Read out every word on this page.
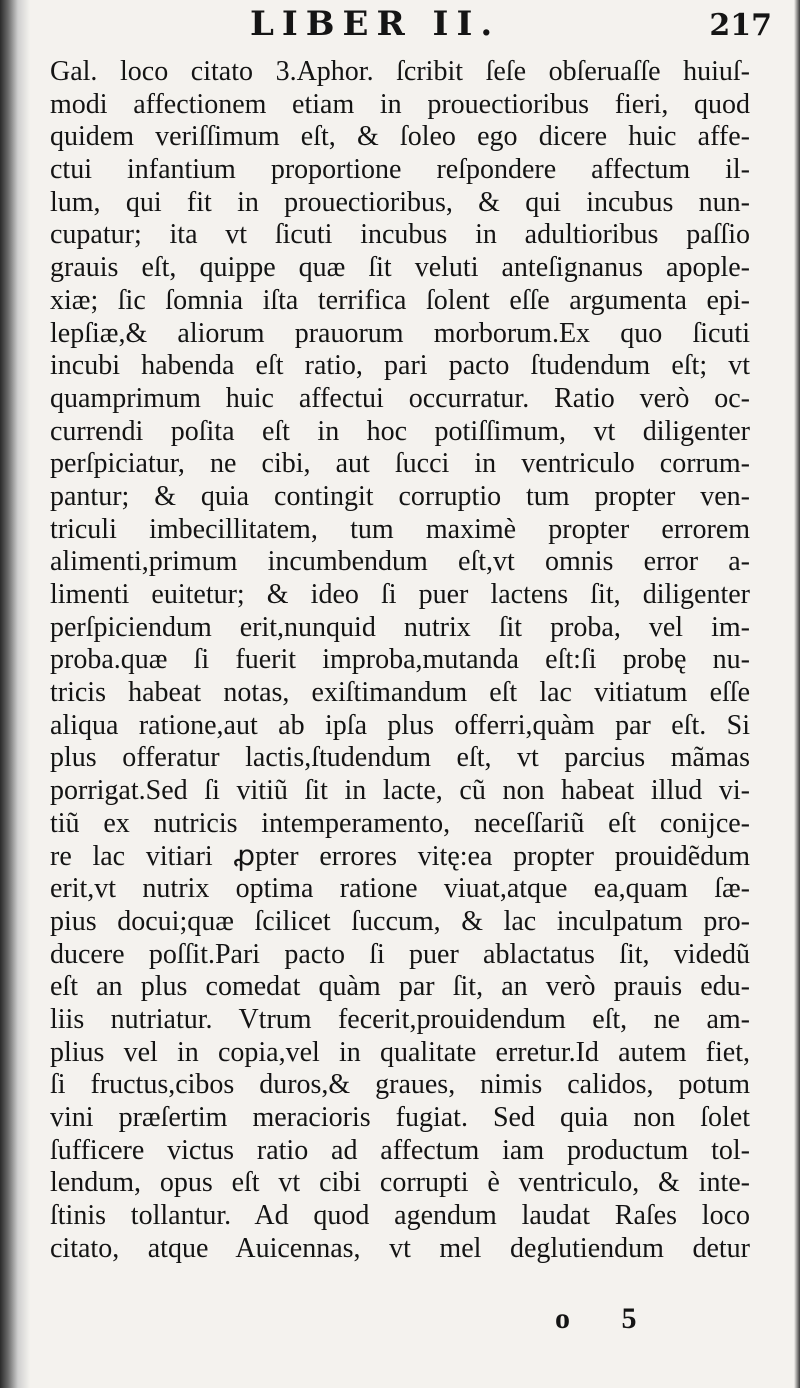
LIBER II.	217
Gal. loco citato 3.Aphor. ſcribit ſeſe obſeruaſſe huiuſ-
modi affectionem etiam in prouectioribus fieri, quod
quidem veriſſimum eſt, & ſoleo ego dicere huic affe-
ctui infantium proportione reſpondere affectum il-
lum, qui fit in prouectioribus, & qui incubus nun-
cupatur; ita vt ſicuti incubus in adultioribus paſſio
grauis eſt, quippe quæ ſit veluti anteſignanus apople-
xiæ; ſic ſomnia iſta terrifica ſolent eſſe argumenta epi-
lepſiæ,& aliorum prauorum morborum.Ex quo ſicuti
incubi habenda eſt ratio, pari pacto ſtudendum eſt; vt
quamprimum huic affectui occurratur. Ratio verò oc-
currendi poſita eſt in hoc potiſſimum, vt diligenter
perſpiciatur, ne cibi, aut ſucci in ventriculo corrum-
pantur; & quia contingit corruptio tum propter ven-
triculi imbecillitatem, tum maximè propter errorem
alimenti,primum incumbendum eſt,vt omnis error a-
limenti euitetur; & ideo ſi puer lactens ſit, diligenter
perſpiciendum erit,nunquid nutrix ſit proba, vel im-
proba.quæ ſi fuerit improba,mutanda eſt:ſi probę nu-
tricis habeat notas, exiſtimandum eſt lac vitiatum eſſe
aliqua ratione,aut ab ipſa plus offerri,quàm par eſt. Si
plus offeratur lactis,ſtudendum eſt, vt parcius mãmas
porrigat.Sed ſi vitiũ ſit in lacte, cũ non habeat illud vi-
tiũ ex nutricis intemperamento, neceſſariũ eſt conijce-
re lac vitiari ꝓpter errores vitę:ea propter prouidẽdum
erit,vt nutrix optima ratione viuat,atque ea,quam ſæ-
pius docui;quæ ſcilicet ſuccum, & lac inculpatum pro-
ducere poſſit.Pari pacto ſi puer ablactatus ſit, videdũ
eſt an plus comedat quàm par ſit, an verò prauis edu-
liis nutriatur. Vtrum fecerit,prouidendum eſt, ne am-
plius vel in copia,vel in qualitate erretur.Id autem fiet,
ſi fructus,cibos duros,& graues, nimis calidos, potum
vini præſertim meracioris fugiat. Sed quia non ſolet
ſufficere victus ratio ad affectum iam productum tol-
lendum, opus eſt vt cibi corrupti è ventriculo, & inte-
ſtinis tollantur. Ad quod agendum laudat Raſes loco
citato, atque Auicennas, vt mel deglutiendum detur
o 5
